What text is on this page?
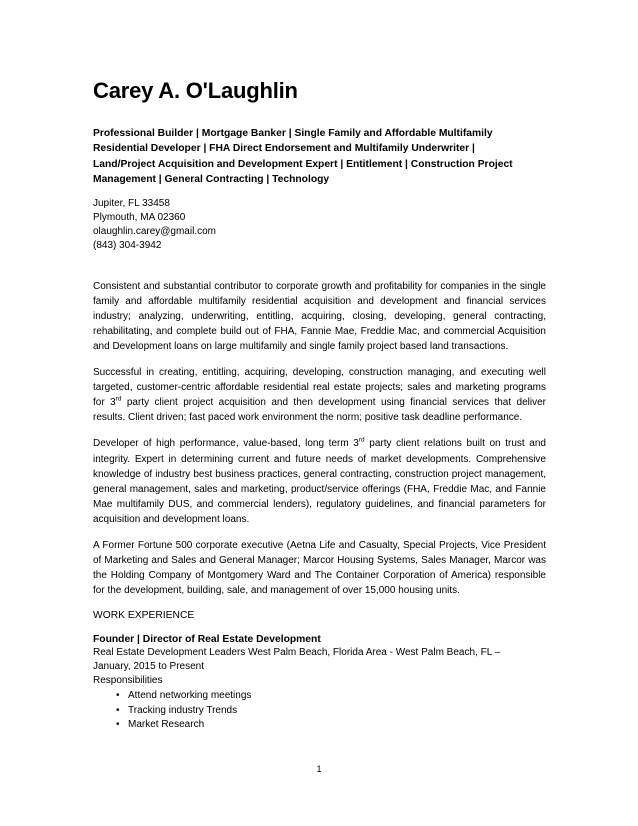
Carey A. O'Laughlin
Professional Builder | Mortgage Banker | Single Family and Affordable Multifamily
Residential Developer | FHA Direct Endorsement and Multifamily Underwriter |
Land/Project Acquisition and Development Expert | Entitlement | Construction Project
Management | General Contracting | Technology
Jupiter, FL 33458
Plymouth, MA 02360
olaughlin.carey@gmail.com
(843) 304-3942

Consistent and substantial contributor to corporate growth and profitability for companies in the single family and affordable multifamily residential acquisition and development and financial services industry; analyzing, underwriting, entitling, acquiring, closing, developing, general contracting, rehabilitating, and complete build out of FHA, Fannie Mae, Freddie Mac, and commercial Acquisition and Development loans on large multifamily and single family project based land transactions.

Successful in creating, entitling, acquiring, developing, construction managing, and executing well targeted, customer-centric affordable residential real estate projects; sales and marketing programs for 3rd party client project acquisition and then development using financial services that deliver results. Client driven; fast paced work environment the norm; positive task deadline performance.

Developer of high performance, value-based, long term 3rd party client relations built on trust and integrity. Expert in determining current and future needs of market developments. Comprehensive knowledge of industry best business practices, general contracting, construction project management, general management, sales and marketing, product/service offerings (FHA, Freddie Mac, and Fannie Mae multifamily DUS, and commercial lenders), regulatory guidelines, and financial parameters for acquisition and development loans.

A Former Fortune 500 corporate executive (Aetna Life and Casualty, Special Projects, Vice President of Marketing and Sales and General Manager; Marcor Housing Systems, Sales Manager, Marcor was the Holding Company of Montgomery Ward and The Container Corporation of America) responsible for the development, building, sale, and management of over 15,000 housing units.

WORK EXPERIENCE
Founder | Director of Real Estate Development
Real Estate Development Leaders West Palm Beach, Florida Area - West Palm Beach, FL –
January, 2015 to Present
Responsibilities
• Attend networking meetings
• Tracking industry Trends
• Market Research
1
